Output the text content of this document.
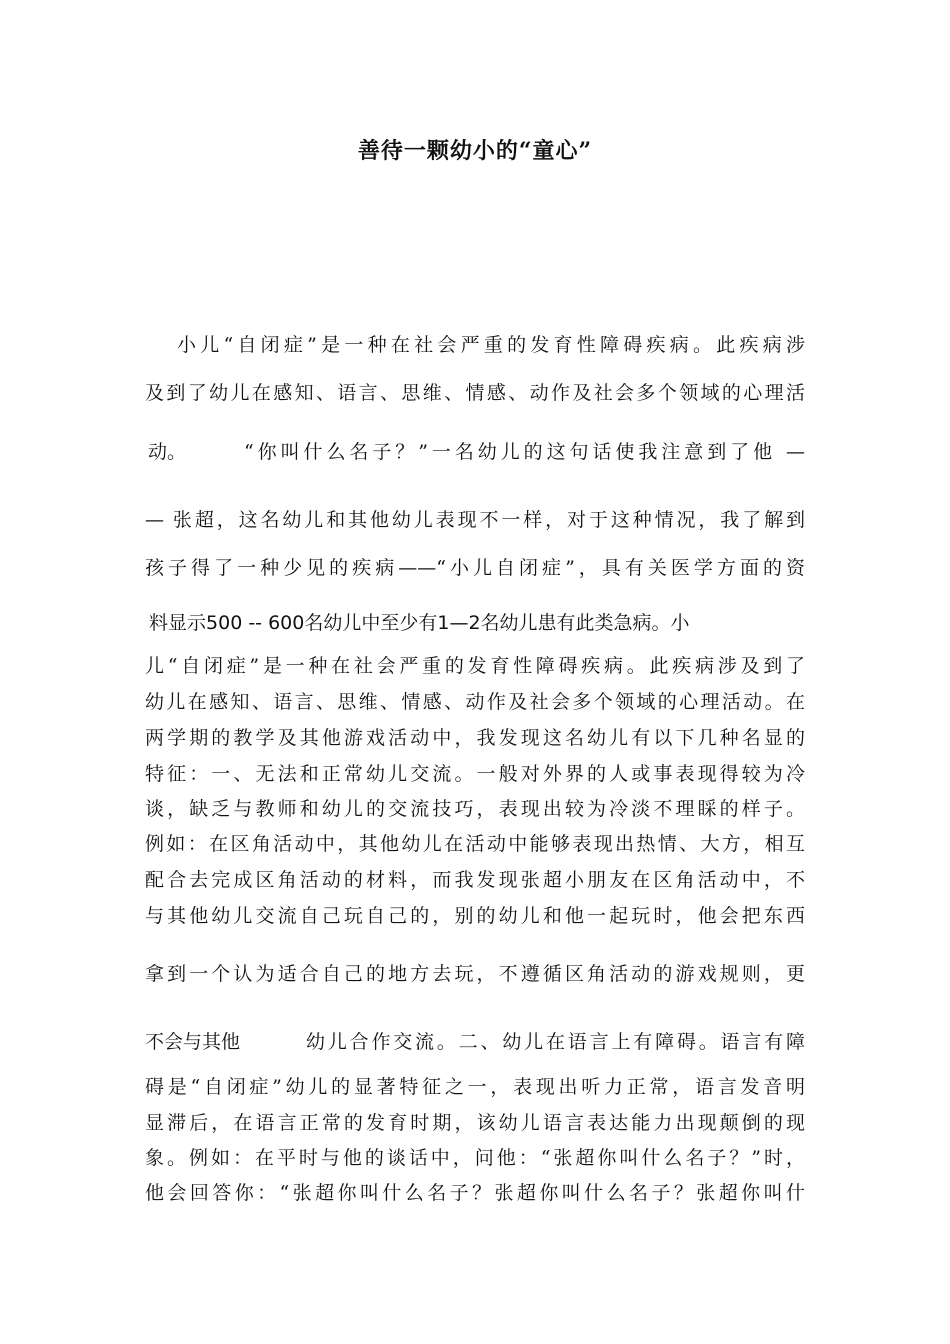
善待一颗幼小的“童心”
小儿“自闭症”是一种在社会严重的发育性障碍疾病。此疾病涉
及到了幼儿在感知、语言、思维、情感、动作及社会多个领域的心理活
动。	“你叫什么名子？”一名幼儿的这句话使我注意到了他 —
— 张超，这名幼儿和其他幼儿表现不一样，对于这种情况，我了解到
孩子得了一种少见的疾病——“小儿自闭症”，具有关医学方面的资
料显示500 -- 600名幼儿中至少有1—2名幼儿患有此类急病。小
儿“自闭症”是一种在社会严重的发育性障碍疾病。此疾病涉及到了
幼儿在感知、语言、思维、情感、动作及社会多个领域的心理活动。在
两学期的教学及其他游戏活动中，我发现这名幼儿有以下几种名显的
特征：一、无法和正常幼儿交流。一般对外界的人或事表现得较为冷
谈，缺乏与教师和幼儿的交流技巧，表现出较为冷淡不理睬的样子。
例如：在区角活动中，其他幼儿在活动中能够表现出热情、大方，相互
配合去完成区角活动的材料，而我发现张超小朋友在区角活动中，不
与其他幼儿交流自己玩自己的，别的幼儿和他一起玩时，他会把东西
拿到一个认为适合自己的地方去玩，不遵循区角活动的游戏规则，更
不会与其他	幼儿合作交流。二、幼儿在语言上有障碍。语言有障
碍是“自闭症”幼儿的显著特征之一，表现出听力正常，语言发音明
显滞后，在语言正常的发育时期，该幼儿语言表达能力出现颠倒的现
象。例如：在平时与他的谈话中，问他：“张超你叫什么名子？”时，
他会回答你：“张超你叫什么名子？张超你叫什么名子？张超你叫什
